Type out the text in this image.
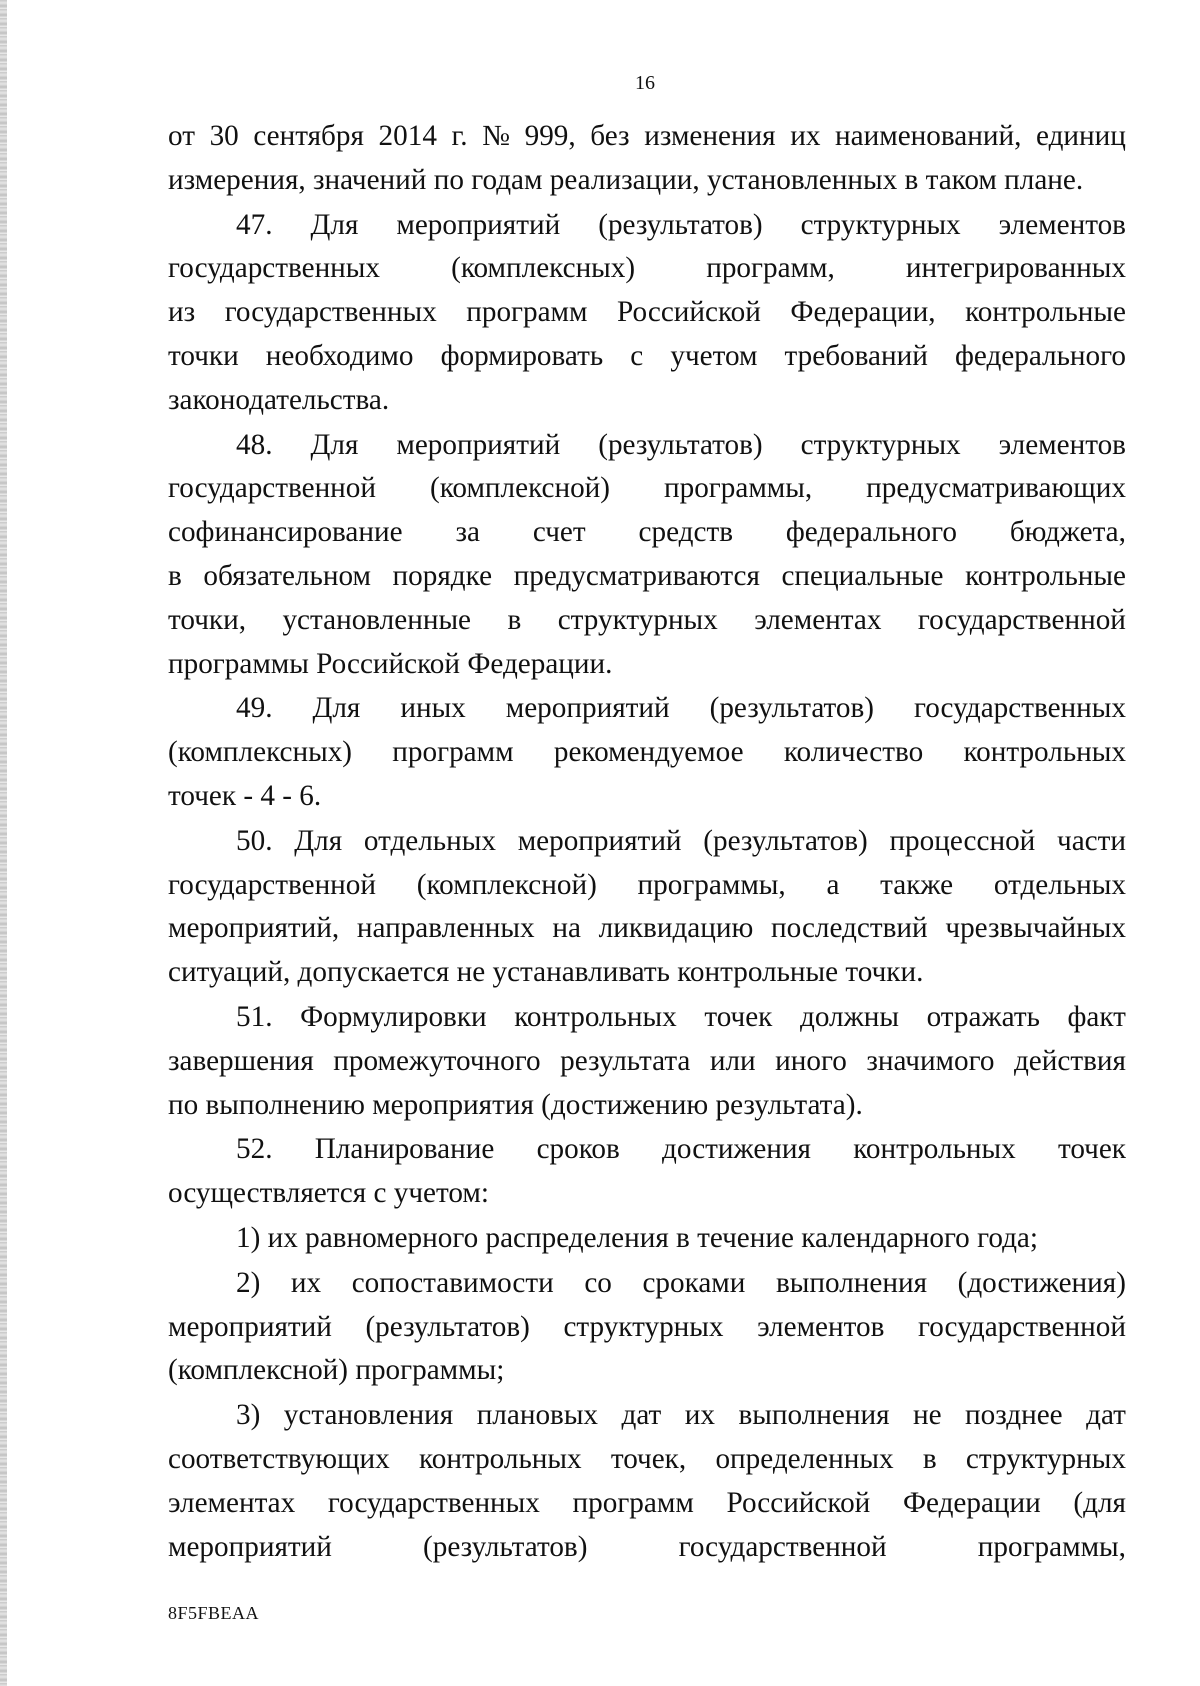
16
от 30 сентября 2014 г. № 999, без изменения их наименований, единиц
измерения, значений по годам реализации, установленных в таком плане.
47. Для мероприятий (результатов) структурных элементов
государственных (комплексных) программ, интегрированных
из государственных программ Российской Федерации, контрольные
точки необходимо формировать с учетом требований федерального
законодательства.
48. Для мероприятий (результатов) структурных элементов
государственной (комплексной) программы, предусматривающих
софинансирование за счет средств федерального бюджета,
в обязательном порядке предусматриваются специальные контрольные
точки, установленные в структурных элементах государственной
программы Российской Федерации.
49. Для иных мероприятий (результатов) государственных
(комплексных) программ рекомендуемое количество контрольных
точек - 4 - 6.
50. Для отдельных мероприятий (результатов) процессной части
государственной (комплексной) программы, а также отдельных
мероприятий, направленных на ликвидацию последствий чрезвычайных
ситуаций, допускается не устанавливать контрольные точки.
51. Формулировки контрольных точек должны отражать факт
завершения промежуточного результата или иного значимого действия
по выполнению мероприятия (достижению результата).
52. Планирование сроков достижения контрольных точек
осуществляется с учетом:
1) их равномерного распределения в течение календарного года;
2) их сопоставимости со сроками выполнения (достижения)
мероприятий (результатов) структурных элементов государственной
(комплексной) программы;
3) установления плановых дат их выполнения не позднее дат
соответствующих контрольных точек, определенных в структурных
элементах государственных программ Российской Федерации (для
мероприятий	(результатов)	государственной	программы,
8F5FBEAA
